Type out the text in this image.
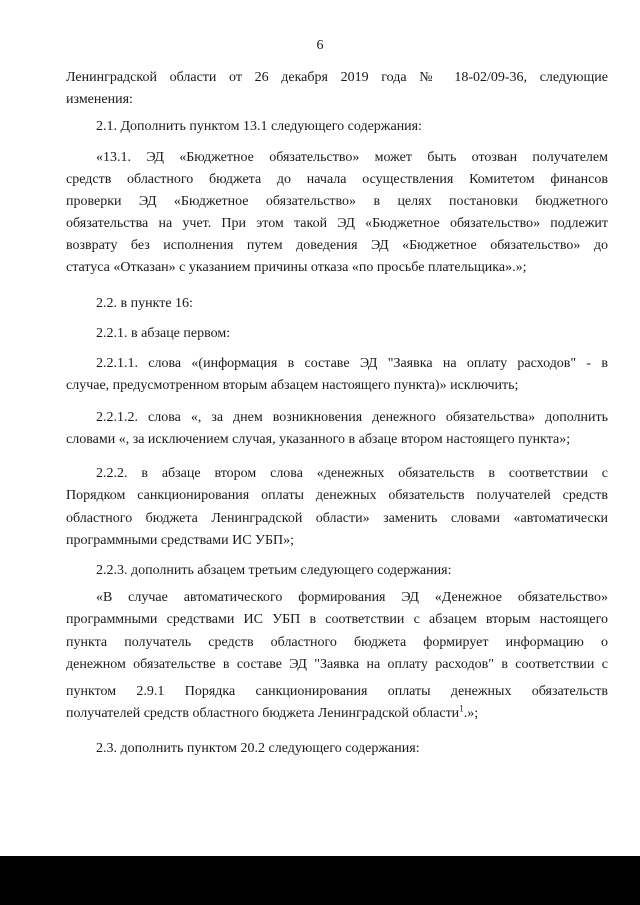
6
Ленинградской области от 26 декабря 2019 года № 18-02/09-36, следующие
изменения:
2.1. Дополнить пунктом 13.1 следующего содержания:
«13.1. ЭД «Бюджетное обязательство» может быть отозван получателем
средств областного бюджета до начала осуществления Комитетом финансов
проверки ЭД «Бюджетное обязательство» в целях постановки бюджетного
обязательства на учет. При этом такой ЭД «Бюджетное обязательство» подлежит
возврату без исполнения путем доведения ЭД «Бюджетное обязательство» до
статуса «Отказан» с указанием причины отказа «по просьбе плательщика».»;
2.2. в пункте 16:
2.2.1. в абзаце первом:
2.2.1.1. слова «(информация в составе ЭД "Заявка на оплату расходов" - в
случае, предусмотренном вторым абзацем настоящего пункта)» исключить;
2.2.1.2. слова «, за днем возникновения денежного обязательства» дополнить
словами «, за исключением случая, указанного в абзаце втором настоящего пункта»;
2.2.2. в абзаце втором слова «денежных обязательств в соответствии с
Порядком санкционирования оплаты денежных обязательств получателей средств
областного бюджета Ленинградской области» заменить словами «автоматически
программными средствами ИС УБП»;
2.2.3. дополнить абзацем третьим следующего содержания:
«В случае автоматического формирования ЭД «Денежное обязательство»
программными средствами ИС УБП в соответствии с абзацем вторым настоящего
пункта получатель средств областного бюджета формирует информацию о
денежном обязательстве в составе ЭД "Заявка на оплату расходов" в соответствии с
пунктом 2.9.1 Порядка санкционирования оплаты денежных обязательств
получателей средств областного бюджета Ленинградской области$^1$.»;
2.3. дополнить пунктом 20.2 следующего содержания:
